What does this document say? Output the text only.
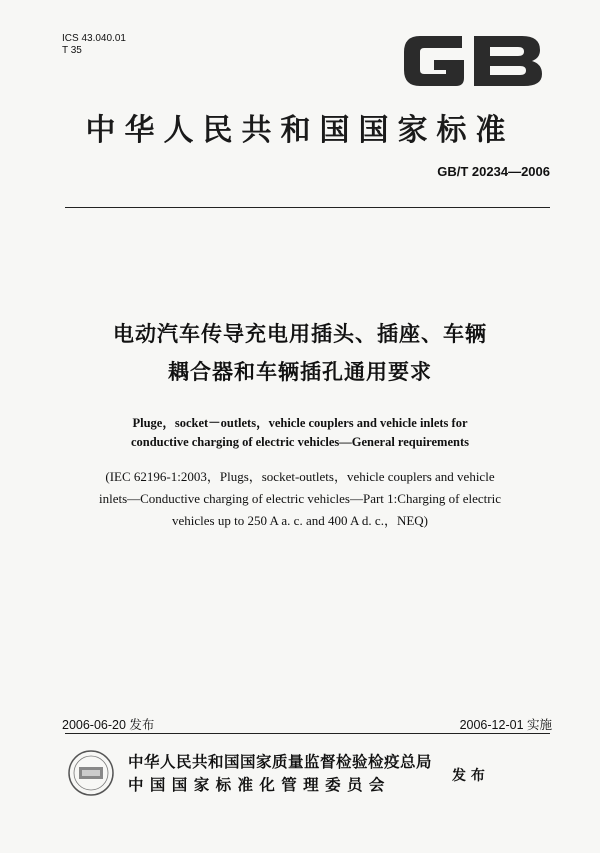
ICS 43.040.01
T 35
中华人民共和国国家标准
GB/T 20234—2006
电动汽车传导充电用插头、插座、车辆
耦合器和车辆插孔通用要求
Pluge，socket－outlets，vehicle couplers and vehicle inlets for
conductive charging of electric vehicles—General requirements
(IEC 62196-1:2003，Plugs，socket-outlets，vehicle couplers and vehicle
inlets—Conductive charging of electric vehicles—Part 1:Charging of electric
vehicles up to 250 A a. c. and 400 A d. c.，NEQ)
2006-06-20 发布	2006-12-01 实施
中华人民共和国国家质量监督检验检疫总局
中 国 国 家 标 准 化 管 理 委 员 会	发 布
